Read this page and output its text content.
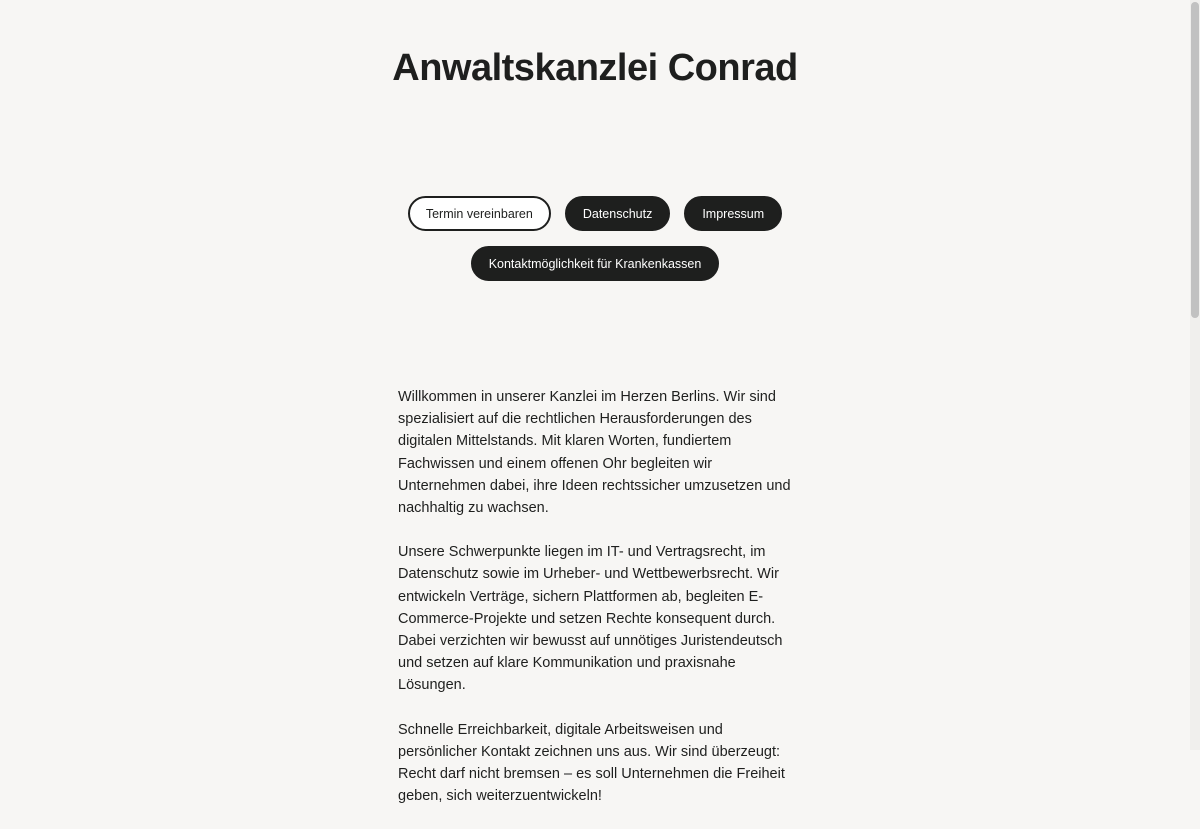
Anwaltskanzlei Conrad
Termin vereinbaren	Datenschutz	Impressum
Kontaktmöglichkeit für Krankenkassen

Willkommen in unserer Kanzlei im Herzen Berlins. Wir sind spezialisiert auf die rechtlichen Herausforderungen des digitalen Mittelstands. Mit klaren Worten, fundiertem Fachwissen und einem offenen Ohr begleiten wir Unternehmen dabei, ihre Ideen rechtssicher umzusetzen und nachhaltig zu wachsen.

Unsere Schwerpunkte liegen im IT- und Vertragsrecht, im Datenschutz sowie im Urheber- und Wettbewerbsrecht. Wir entwickeln Verträge, sichern Plattformen ab, begleiten E-Commerce-Projekte und setzen Rechte konsequent durch. Dabei verzichten wir bewusst auf unnötiges Juristendeutsch und setzen auf klare Kommunikation und praxisnahe Lösungen.

Schnelle Erreichbarkeit, digitale Arbeitsweisen und persönlicher Kontakt zeichnen uns aus. Wir sind überzeugt: Recht darf nicht bremsen – es soll Unternehmen die Freiheit geben, sich weiterzuentwickeln!
